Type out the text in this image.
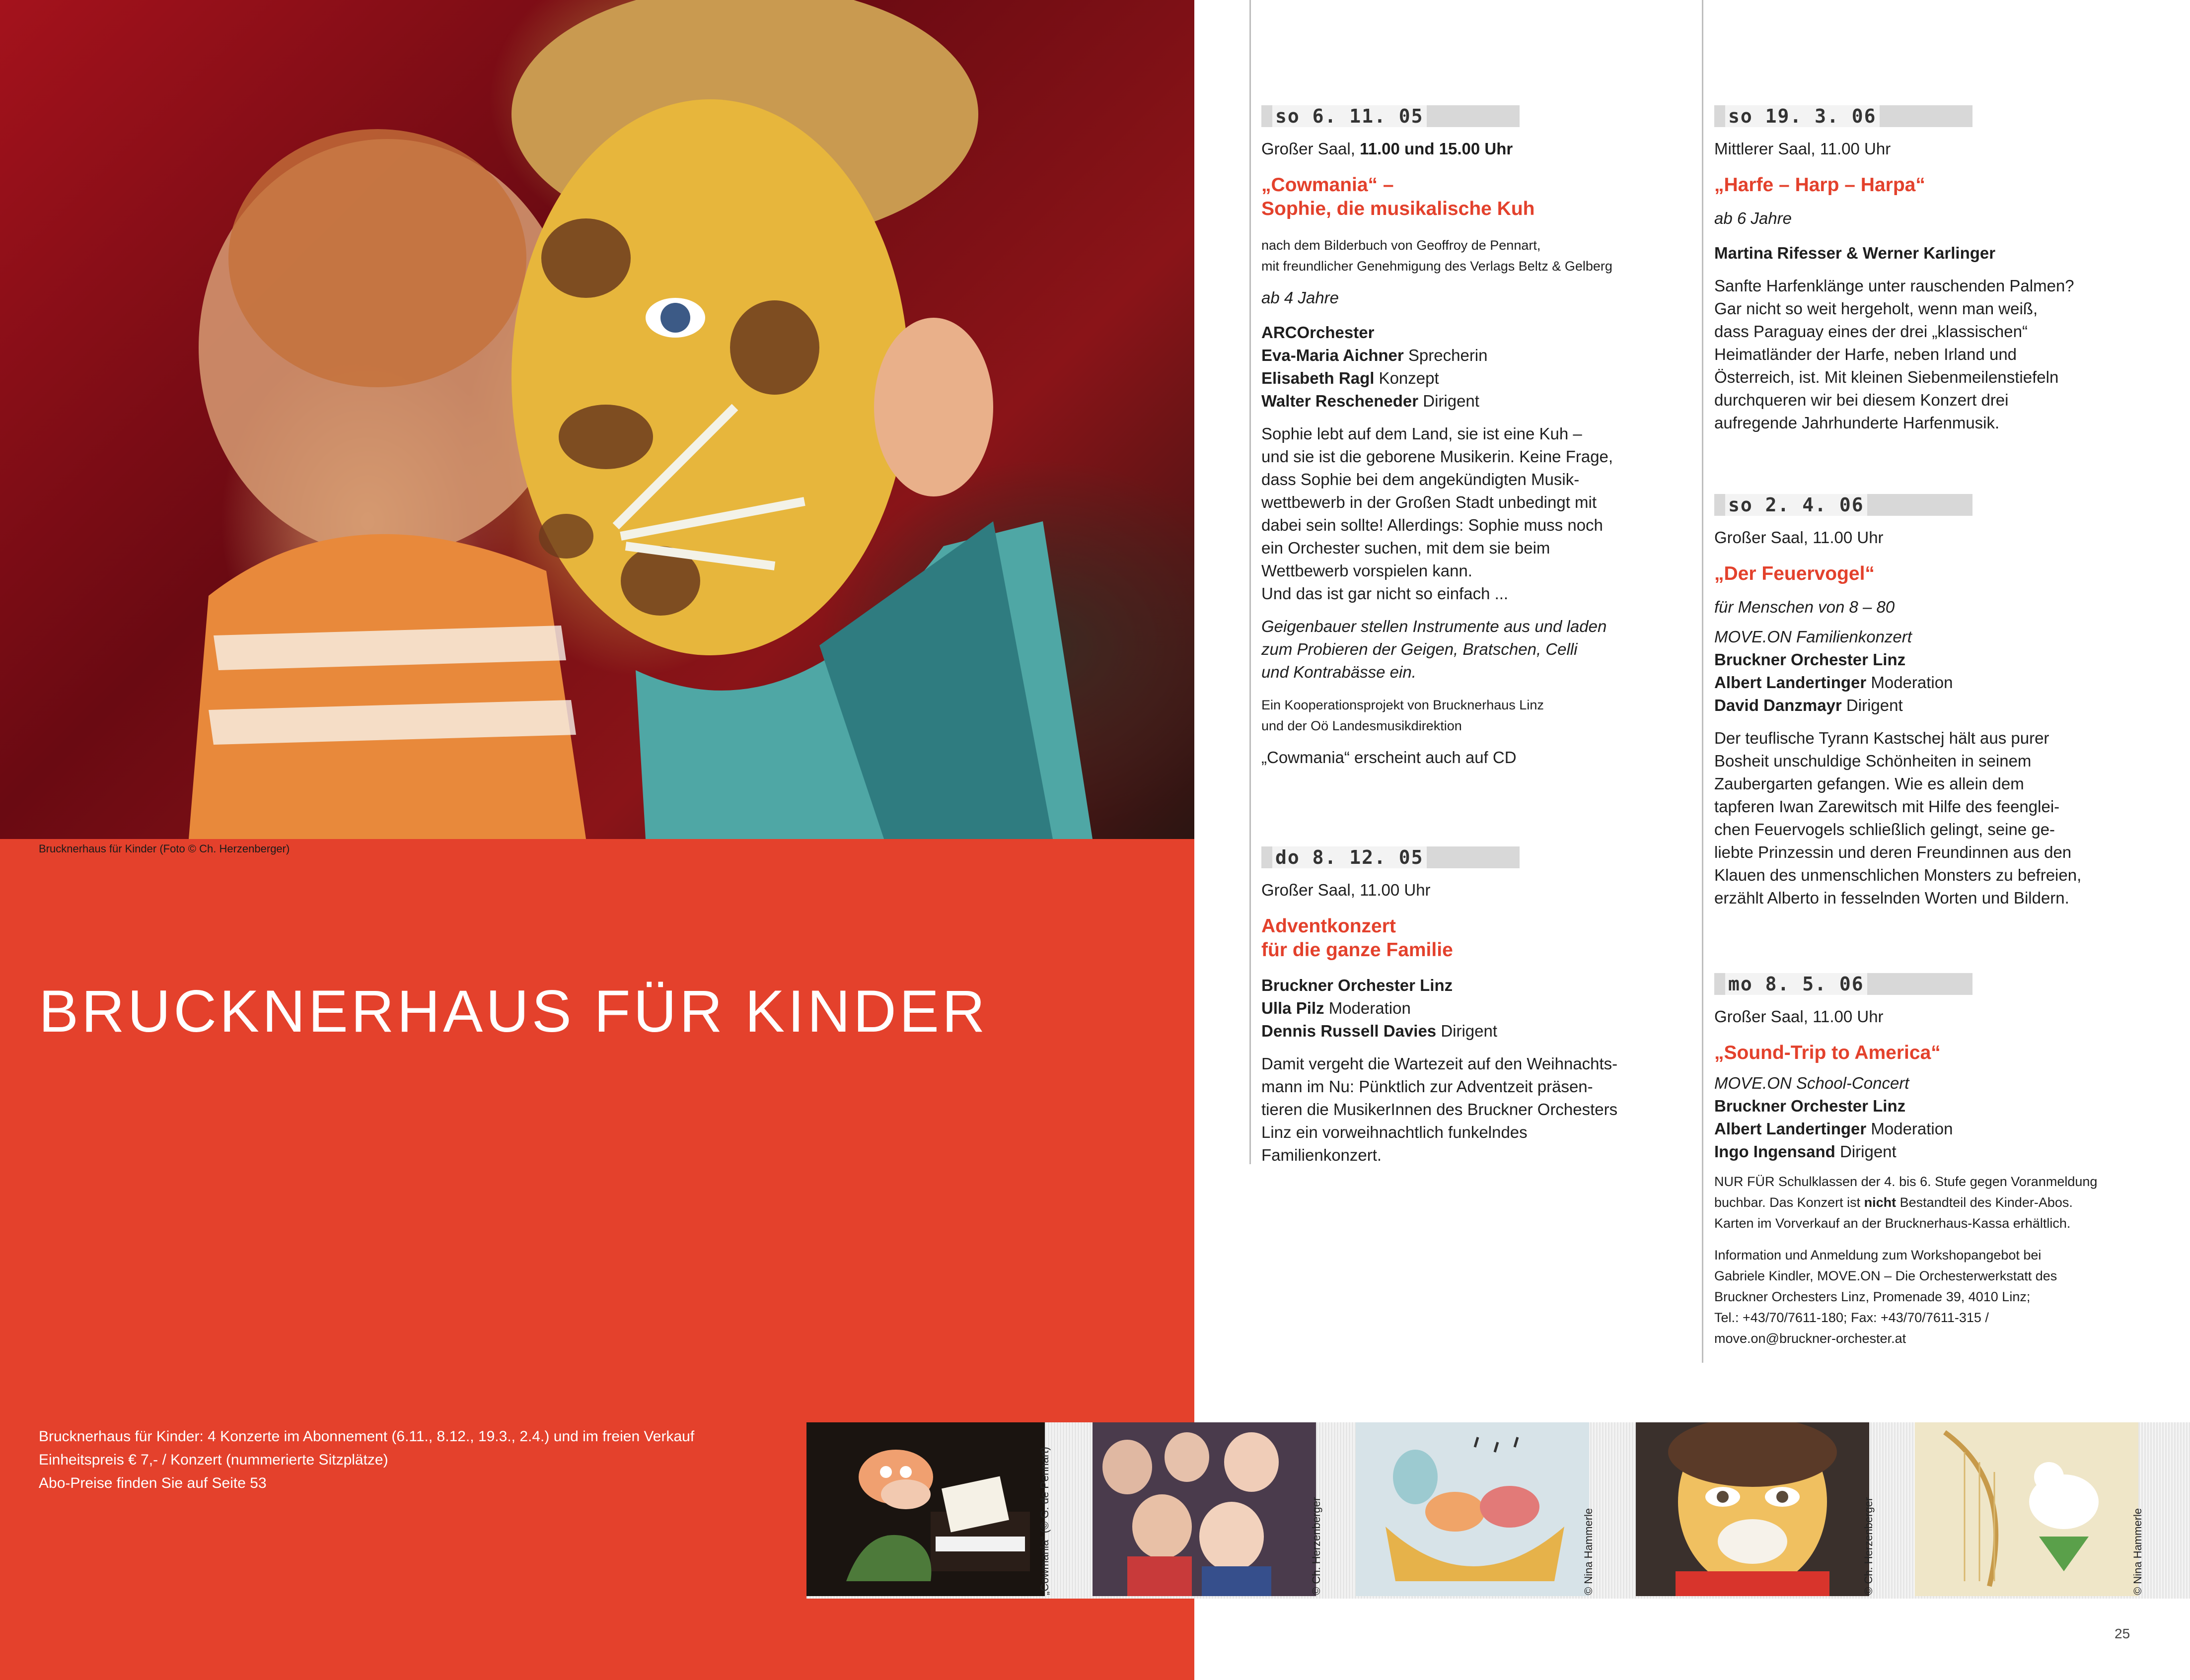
Brucknerhaus für Kinder (Foto © Ch. Herzenberger)
BRUCKNERHAUS FÜR KINDER
Brucknerhaus für Kinder: 4 Konzerte im Abonnement (6.11., 8.12., 19.3., 2.4.) und im freien Verkauf
Einheitspreis € 7,- / Konzert (nummerierte Sitzplätze)
Abo-Preise finden Sie auf Seite 53
so 6. 11. 05
Großer Saal, 11.00 und 15.00 Uhr
„Cowmania“ –
Sophie, die musikalische Kuh
nach dem Bilderbuch von Geoffroy de Pennart,
mit freundlicher Genehmigung des Verlags Beltz & Gelberg
ab 4 Jahre
ARCOrchester
Eva-Maria Aichner Sprecherin
Elisabeth Ragl Konzept
Walter Rescheneder Dirigent
Sophie lebt auf dem Land, sie ist eine Kuh –
und sie ist die geborene Musikerin. Keine Frage,
dass Sophie bei dem angekündigten Musik-
wettbewerb in der Großen Stadt unbedingt mit
dabei sein sollte! Allerdings: Sophie muss noch
ein Orchester suchen, mit dem sie beim
Wettbewerb vorspielen kann.
Und das ist gar nicht so einfach ...
Geigenbauer stellen Instrumente aus und laden
zum Probieren der Geigen, Bratschen, Celli
und Kontrabässe ein.
Ein Kooperationsprojekt von Brucknerhaus Linz
und der Oö Landesmusikdirektion
„Cowmania“ erscheint auch auf CD
do 8. 12. 05
Großer Saal, 11.00 Uhr
Adventkonzert
für die ganze Familie
Bruckner Orchester Linz
Ulla Pilz Moderation
Dennis Russell Davies Dirigent
Damit vergeht die Wartezeit auf den Weihnachts-
mann im Nu: Pünktlich zur Adventzeit präsen-
tieren die MusikerInnen des Bruckner Orchesters
Linz ein vorweihnachtlich funkelndes
Familienkonzert.
so 19. 3. 06
Mittlerer Saal, 11.00 Uhr
„Harfe – Harp – Harpa“
ab 6 Jahre
Martina Rifesser & Werner Karlinger
Sanfte Harfenklänge unter rauschenden Palmen?
Gar nicht so weit hergeholt, wenn man weiß,
dass Paraguay eines der drei „klassischen“
Heimatländer der Harfe, neben Irland und
Österreich, ist. Mit kleinen Siebenmeilenstiefeln
durchqueren wir bei diesem Konzert drei
aufregende Jahrhunderte Harfenmusik.
so 2. 4. 06
Großer Saal, 11.00 Uhr
„Der Feuervogel“
für Menschen von 8 – 80
MOVE.ON Familienkonzert
Bruckner Orchester Linz
Albert Landertinger Moderation
David Danzmayr Dirigent
Der teuflische Tyrann Kastschej hält aus purer
Bosheit unschuldige Schönheiten in seinem
Zaubergarten gefangen. Wie es allein dem
tapferen Iwan Zarewitsch mit Hilfe des feenglei-
chen Feuervogels schließlich gelingt, seine ge-
liebte Prinzessin und deren Freundinnen aus den
Klauen des unmenschlichen Monsters zu befreien,
erzählt Alberto in fesselnden Worten und Bildern.
mo 8. 5. 06
Großer Saal, 11.00 Uhr
„Sound-Trip to America“
MOVE.ON School-Concert
Bruckner Orchester Linz
Albert Landertinger Moderation
Ingo Ingensand Dirigent
NUR FÜR Schulklassen der 4. bis 6. Stufe gegen Voranmeldung
buchbar. Das Konzert ist nicht Bestandteil des Kinder-Abos.
Karten im Vorverkauf an der Brucknerhaus-Kassa erhältlich.
Information und Anmeldung zum Workshopangebot bei
Gabriele Kindler, MOVE.ON – Die Orchesterwerkstatt des
Bruckner Orchesters Linz, Promenade 39, 4010 Linz;
Tel.: +43/70/7611-180; Fax: +43/70/7611-315 /
move.on@bruckner-orchester.at
„Cowmania“ (© G. de Pennart)	© Ch. Herzenberger	© Nina Hammerle	© Ch. Herzenberger	© Nina Hammerle
25
